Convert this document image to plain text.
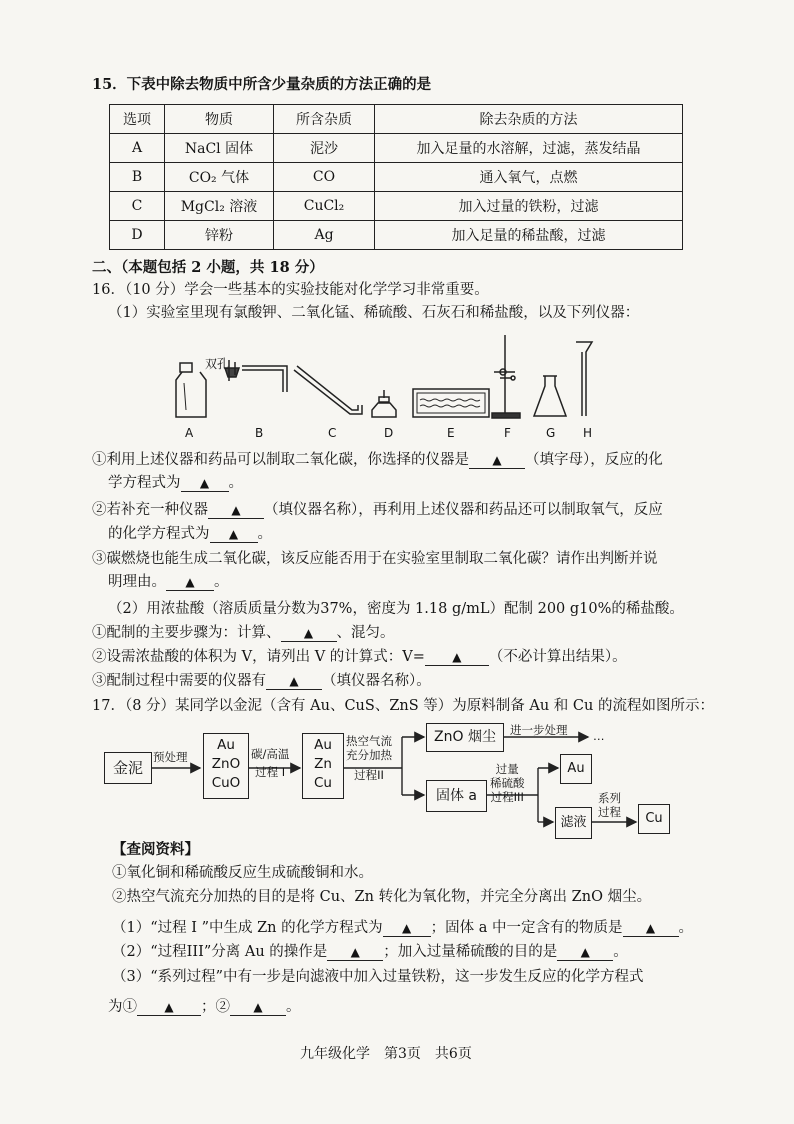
15．下表中除去物质中所含少量杂质的方法正确的是
选项	物质	所含杂质	除去杂质的方法
A	NaCl 固体	泥沙	加入足量的水溶解，过滤，蒸发结晶
B	CO₂ 气体	CO	通入氧气，点燃
C	MgCl₂ 溶液	CuCl₂	加入过量的铁粉，过滤
D	锌粉	Ag	加入足量的稀盐酸，过滤
二、（本题包括 2 小题，共 18 分）
16．（10 分）学会一些基本的实验技能对化学学习非常重要。
（1）实验室里现有氯酸钾、二氧化锰、稀硫酸、石灰石和稀盐酸，以及下列仪器：
双孔
A	B	C	D	E	F	G H
①利用上述仪器和药品可以制取二氧化碳，你选择的仪器是 ▲ （填字母），反应的化
学方程式为 ▲ 。
②若补充一种仪器 ▲ （填仪器名称），再利用上述仪器和药品还可以制取氧气，反应
的化学方程式为 ▲ 。
③碳燃烧也能生成二氧化碳，该反应能否用于在实验室里制取二氧化碳？请作出判断并说
明理由。 ▲ 。
（2）用浓盐酸（溶质质量分数为37%，密度为 1.18 g/mL）配制 200 g10%的稀盐酸。
①配制的主要步骤为：计算、 ▲ 、混匀。
②设需浓盐酸的体积为 V，请列出 V 的计算式：V= ▲ （不必计算出结果）。
③配制过程中需要的仪器有 ▲ （填仪器名称）。
17．（8 分）某同学以金泥（含有 Au、CuS、ZnS 等）为原料制备 Au 和 Cu 的流程如图所示：
金泥
预处理
Au
ZnO
CuO
碳/高温
过程 I
Au
Zn
Cu
热空气流
充分加热
过程II
ZnO 烟尘	进一步处理 …
固体 a
过量
稀硫酸
过程III
Au
滤液
系列
过程	Cu
【查阅资料】
①氧化铜和稀硫酸反应生成硫酸铜和水。
②热空气流充分加热的目的是将 Cu、Zn 转化为氧化物，并完全分离出 ZnO 烟尘。
（1）“过程 I ”中生成 Zn 的化学方程式为 ▲ ；固体 a 中一定含有的物质是 ▲ 。
（2）“过程III”分离 Au 的操作是 ▲ ；加入过量稀硫酸的目的是 ▲ 。
（3）“系列过程”中有一步是向滤液中加入过量铁粉，这一步发生反应的化学方程式
为① ▲ ；② ▲ 。
九年级化学　第3页　共6页
